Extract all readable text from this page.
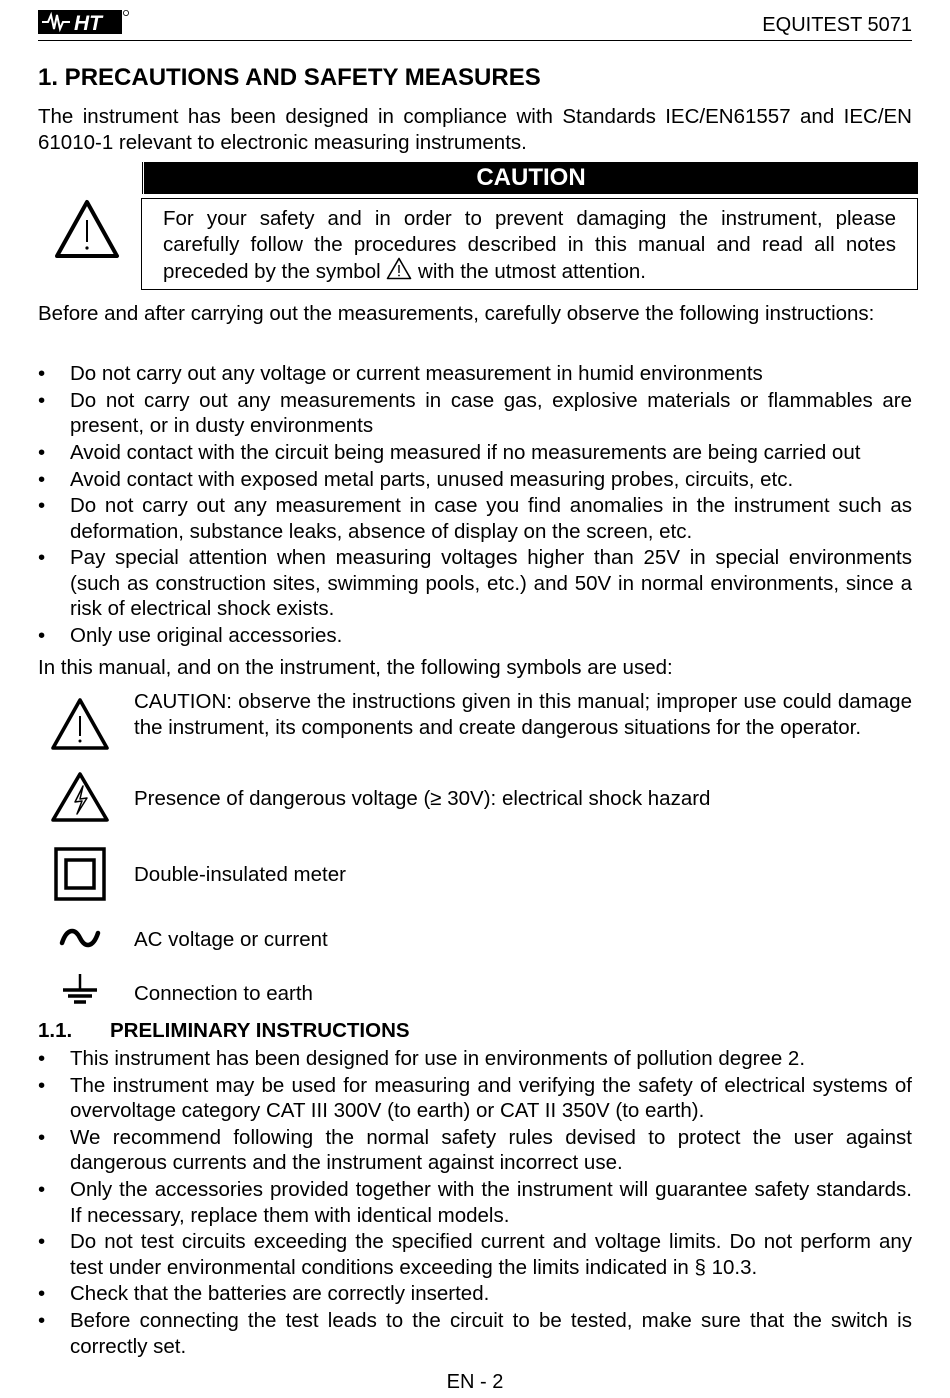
HT	EQUITEST 5071
1. PRECAUTIONS AND SAFETY MEASURES

The instrument has been designed in compliance with Standards IEC/EN61557 and IEC/EN 61010-1 relevant to electronic measuring instruments.

CAUTION

For your safety and in order to prevent damaging the instrument, please carefully follow the procedures described in this manual and read all notes preceded by the symbol  with the utmost attention.

Before and after carrying out the measurements, carefully observe the following instructions:

• Do not carry out any voltage or current measurement in humid environments
• Do not carry out any measurements in case gas, explosive materials or flammables are present, or in dusty environments
• Avoid contact with the circuit being measured if no measurements are being carried out
• Avoid contact with exposed metal parts, unused measuring probes, circuits, etc.
• Do not carry out any measurement in case you find anomalies in the instrument such as deformation, substance leaks, absence of display on the screen, etc.
• Pay special attention when measuring voltages higher than 25V in special environments (such as construction sites, swimming pools, etc.) and 50V in normal environments, since a risk of electrical shock exists.
• Only use original accessories.

In this manual, and on the instrument, the following symbols are used:

CAUTION: observe the instructions given in this manual; improper use could damage the instrument, its components and create dangerous situations for the operator.

Presence of dangerous voltage (≥ 30V): electrical shock hazard

Double-insulated meter

AC voltage or current

Connection to earth

1.1. PRELIMINARY INSTRUCTIONS
• This instrument has been designed for use in environments of pollution degree 2.
• The instrument may be used for measuring and verifying the safety of electrical systems of overvoltage category CAT III 300V (to earth) or CAT II 350V (to earth).
• We recommend following the normal safety rules devised to protect the user against dangerous currents and the instrument against incorrect use.
• Only the accessories provided together with the instrument will guarantee safety standards. If necessary, replace them with identical models.
• Do not test circuits exceeding the specified current and voltage limits. Do not perform any test under environmental conditions exceeding the limits indicated in § 10.3.
• Check that the batteries are correctly inserted.
• Before connecting the test leads to the circuit to be tested, make sure that the switch is correctly set.
EN - 2
